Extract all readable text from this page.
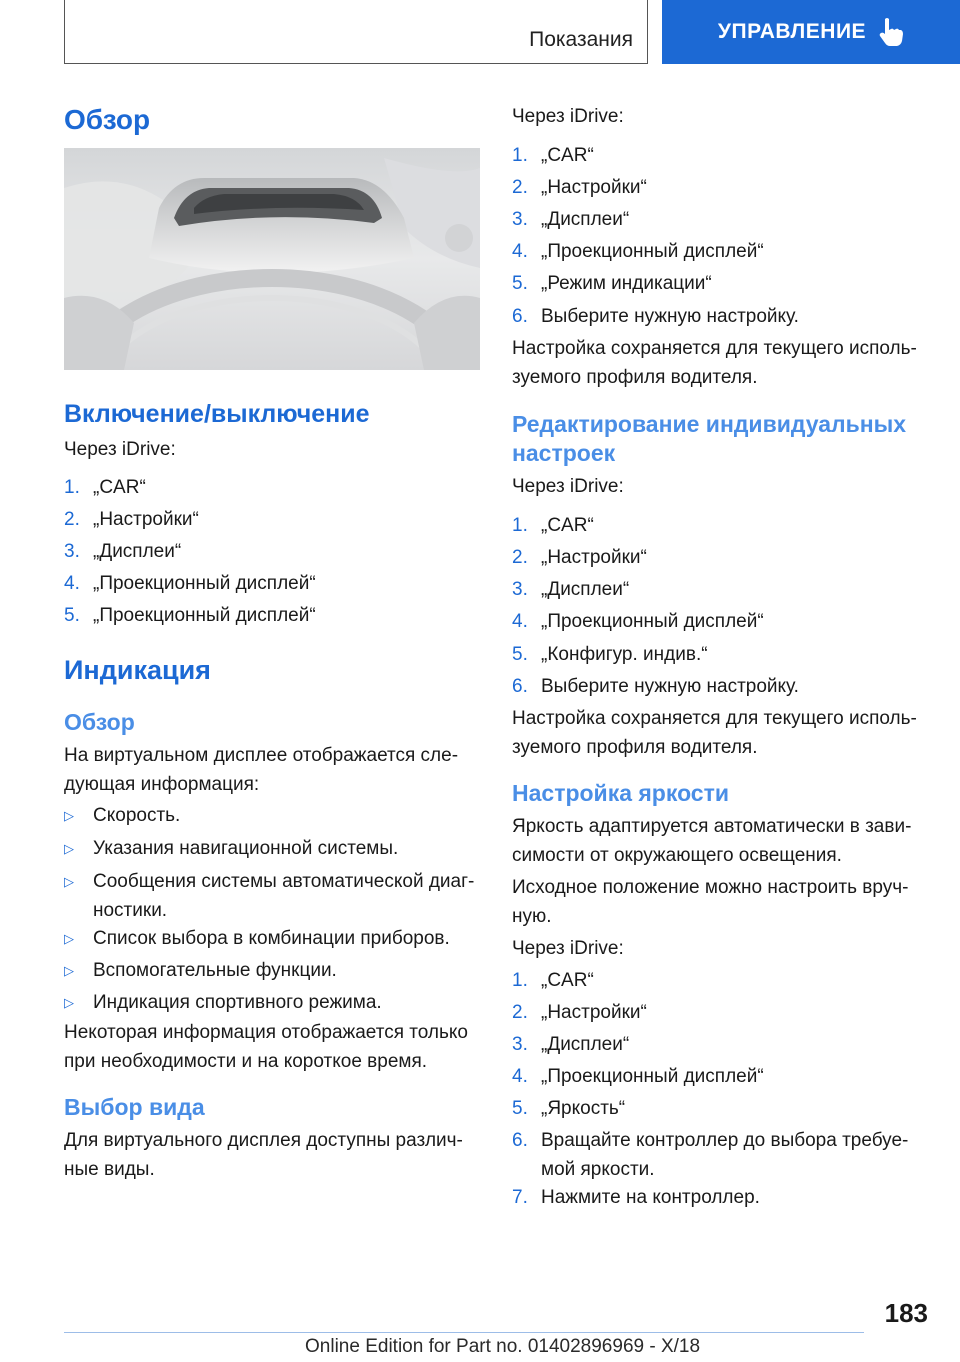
Показания	УПРАВЛЕНИЕ
Обзор
Включение/выключение

Через iDrive:

1. „CAR“
2. „Настройки“
3. „Дисплеи“
4. „Проекционный дисплей“
5. „Проекционный дисплей“
Индикация
Обзор

На виртуальном дисплее отображается сле‐

дующая информация:

▷ Скорость.
▷ Указания навигационной системы.
▷ Сообщения системы автоматической диаг‐
ностики.
▷ Список выбора в комбинации приборов.
▷ Вспомогательные функции.
▷ Индикация спортивного режима.

Некоторая информация отображается только

при необходимости и на короткое время.

Выбор вида

Для виртуального дисплея доступны различ‐

ные виды.

Через iDrive:

1. „CAR“
2. „Настройки“
3. „Дисплеи“
4. „Проекционный дисплей“
5. „Режим индикации“
6. Выберите нужную настройку.

Настройка сохраняется для текущего исполь‐

зуемого профиля водителя.

Редактирование индивидуальных
настроек

Через iDrive:

1. „CAR“
2. „Настройки“
3. „Дисплеи“
4. „Проекционный дисплей“
5. „Конфигур. индив.“
6. Выберите нужную настройку.

Настройка сохраняется для текущего исполь‐

зуемого профиля водителя.

Настройка яркости

Яркость адаптируется автоматически в зави‐

симости от окружающего освещения.

Исходное положение можно настроить вруч‐

ную.

Через iDrive:

1. „CAR“
2. „Настройки“
3. „Дисплеи“
4. „Проекционный дисплей“
5. „Яркость“
6. Вращайте контроллер до выбора требуе‐
мой яркости.
7. Нажмите на контроллер.
183
Online Edition for Part no. 01402896969 - X/18
